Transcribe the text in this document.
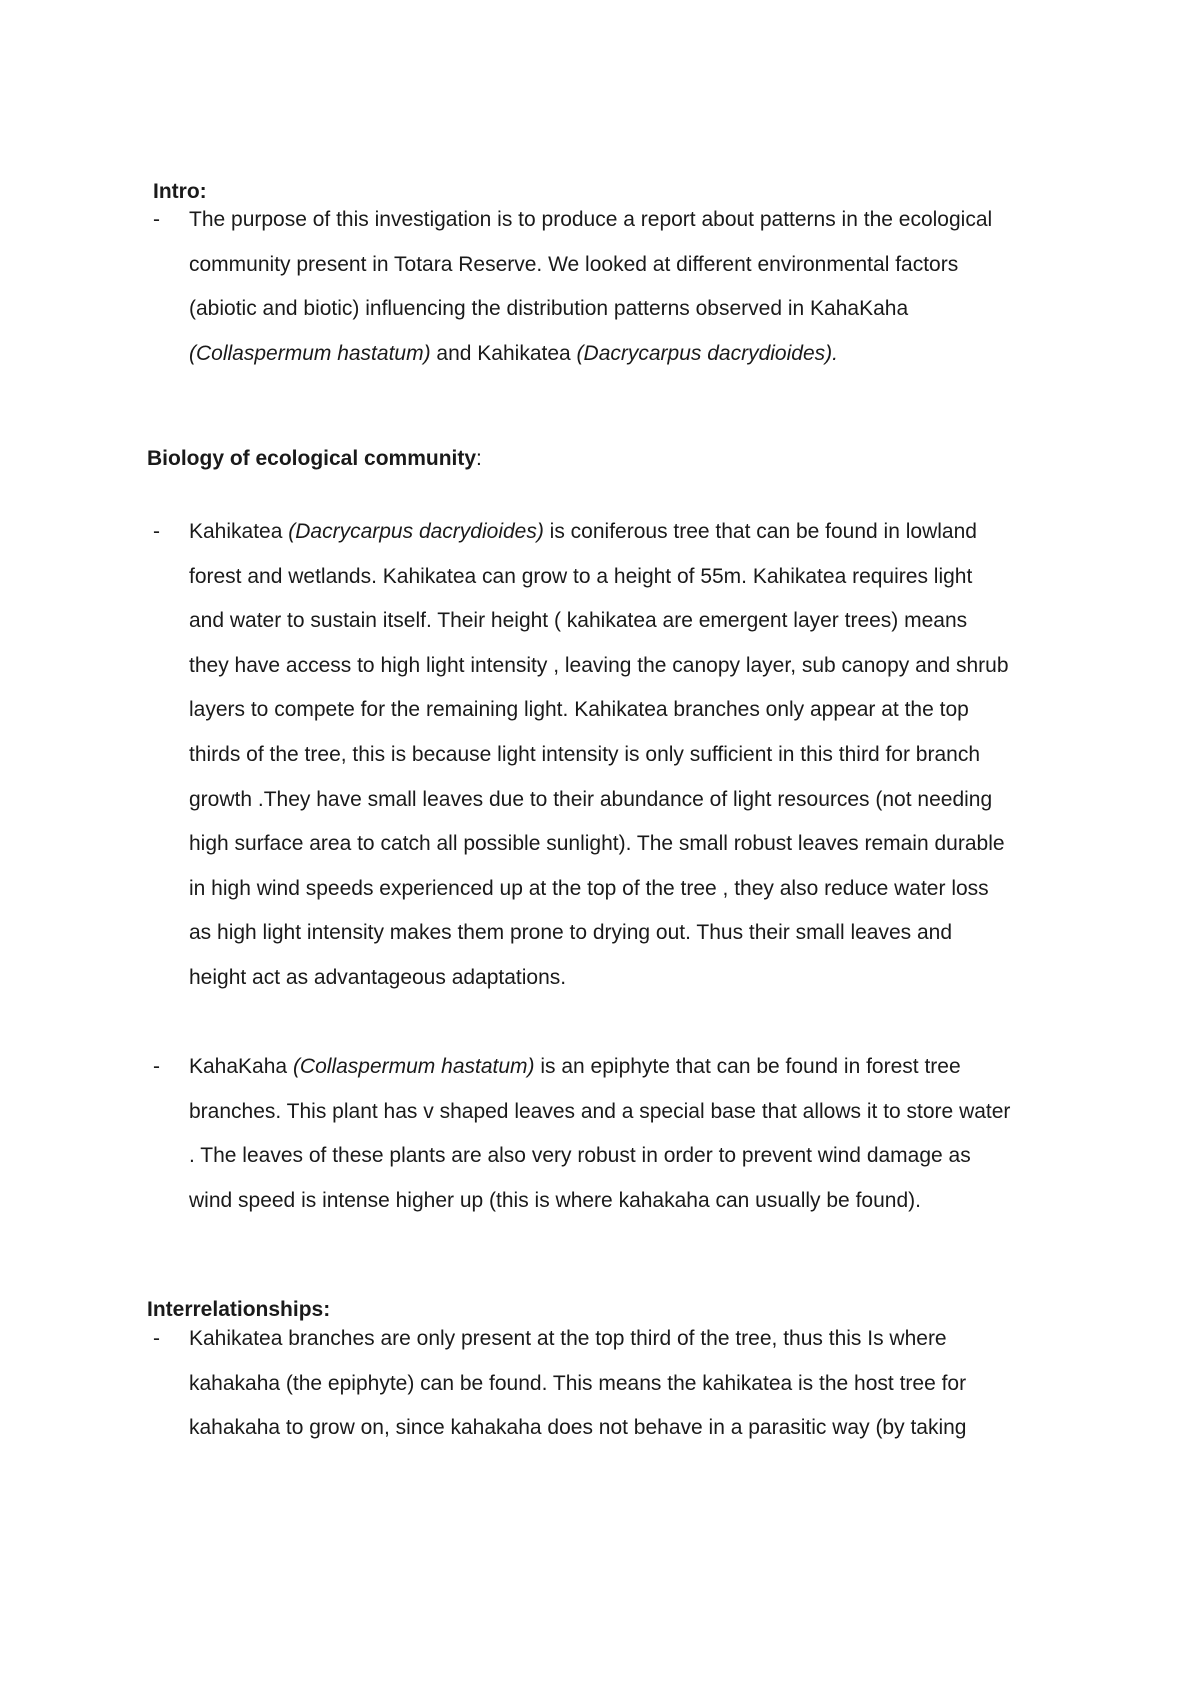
Intro:
- The purpose of this investigation is to produce a report about patterns in the ecological

community present in Totara Reserve. We looked at different environmental factors

(abiotic and biotic) influencing the distribution patterns observed in KahaKaha

(Collaspermum hastatum) and Kahikatea (Dacrycarpus dacrydioides).

Biology of ecological community:
- Kahikatea (Dacrycarpus dacrydioides) is coniferous tree that can be found in lowland

forest and wetlands. Kahikatea can grow to a height of 55m. Kahikatea requires light

and water to sustain itself. Their height ( kahikatea are emergent layer trees) means

they have access to high light intensity , leaving the canopy layer, sub canopy and shrub

layers to compete for the remaining light. Kahikatea branches only appear at the top

thirds of the tree, this is because light intensity is only sufficient in this third for branch

growth .They have small leaves due to their abundance of light resources (not needing

high surface area to catch all possible sunlight). The small robust leaves remain durable

in high wind speeds experienced up at the top of the tree , they also reduce water loss

as high light intensity makes them prone to drying out. Thus their small leaves and

height act as advantageous adaptations.

- KahaKaha (Collaspermum hastatum) is an epiphyte that can be found in forest tree

branches. This plant has v shaped leaves and a special base that allows it to store water

. The leaves of these plants are also very robust in order to prevent wind damage as

wind speed is intense higher up (this is where kahakaha can usually be found).

Interrelationships:
- Kahikatea branches are only present at the top third of the tree, thus this Is where

kahakaha (the epiphyte) can be found. This means the kahikatea is the host tree for

kahakaha to grow on, since kahakaha does not behave in a parasitic way (by taking
